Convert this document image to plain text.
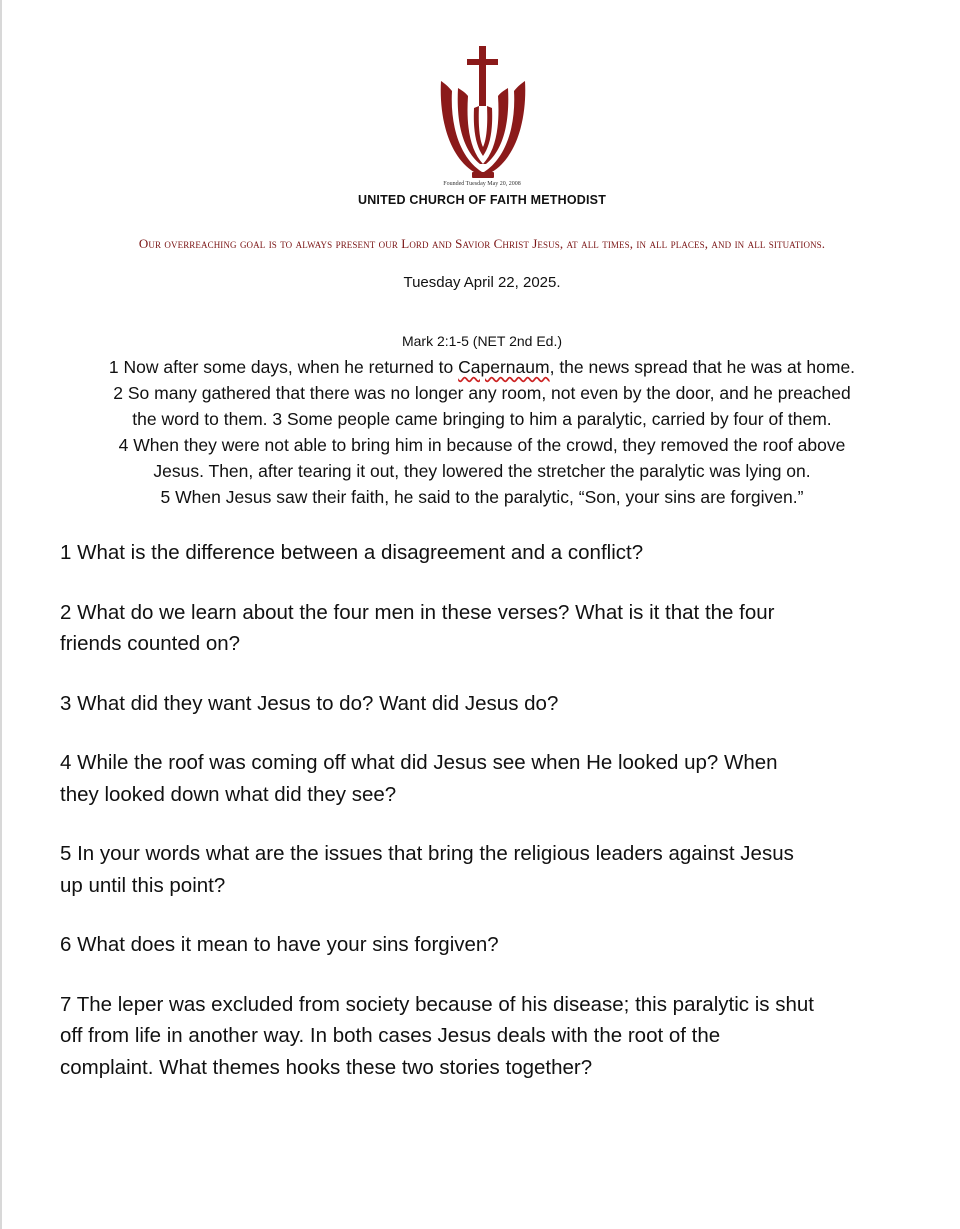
Founded Tuesday May 20, 2008
UNITED CHURCH OF FAITH METHODIST
Our overreaching goal is to always present our Lord and Savior Christ Jesus, at all times, in all places, and in all situations.
Tuesday April 22, 2025.
Mark 2:1-5 (NET 2nd Ed.)
1 Now after some days, when he returned to Capernaum, the news spread that he was at home.
2 So many gathered that there was no longer any room, not even by the door, and he preached
the word to them. 3 Some people came bringing to him a paralytic, carried by four of them.
4 When they were not able to bring him in because of the crowd, they removed the roof above
Jesus. Then, after tearing it out, they lowered the stretcher the paralytic was lying on.
5 When Jesus saw their faith, he said to the paralytic, “Son, your sins are forgiven.”
1 What is the difference between a disagreement and a conflict?
2 What do we learn about the four men in these verses? What is it that the four
friends counted on?
3 What did they want Jesus to do? Want did Jesus do?
4 While the roof was coming off what did Jesus see when He looked up? When
they looked down what did they see?
5 In your words what are the issues that bring the religious leaders against Jesus
up until this point?
6 What does it mean to have your sins forgiven?
7 The leper was excluded from society because of his disease; this paralytic is shut
off from life in another way. In both cases Jesus deals with the root of the
complaint. What themes hooks these two stories together?
